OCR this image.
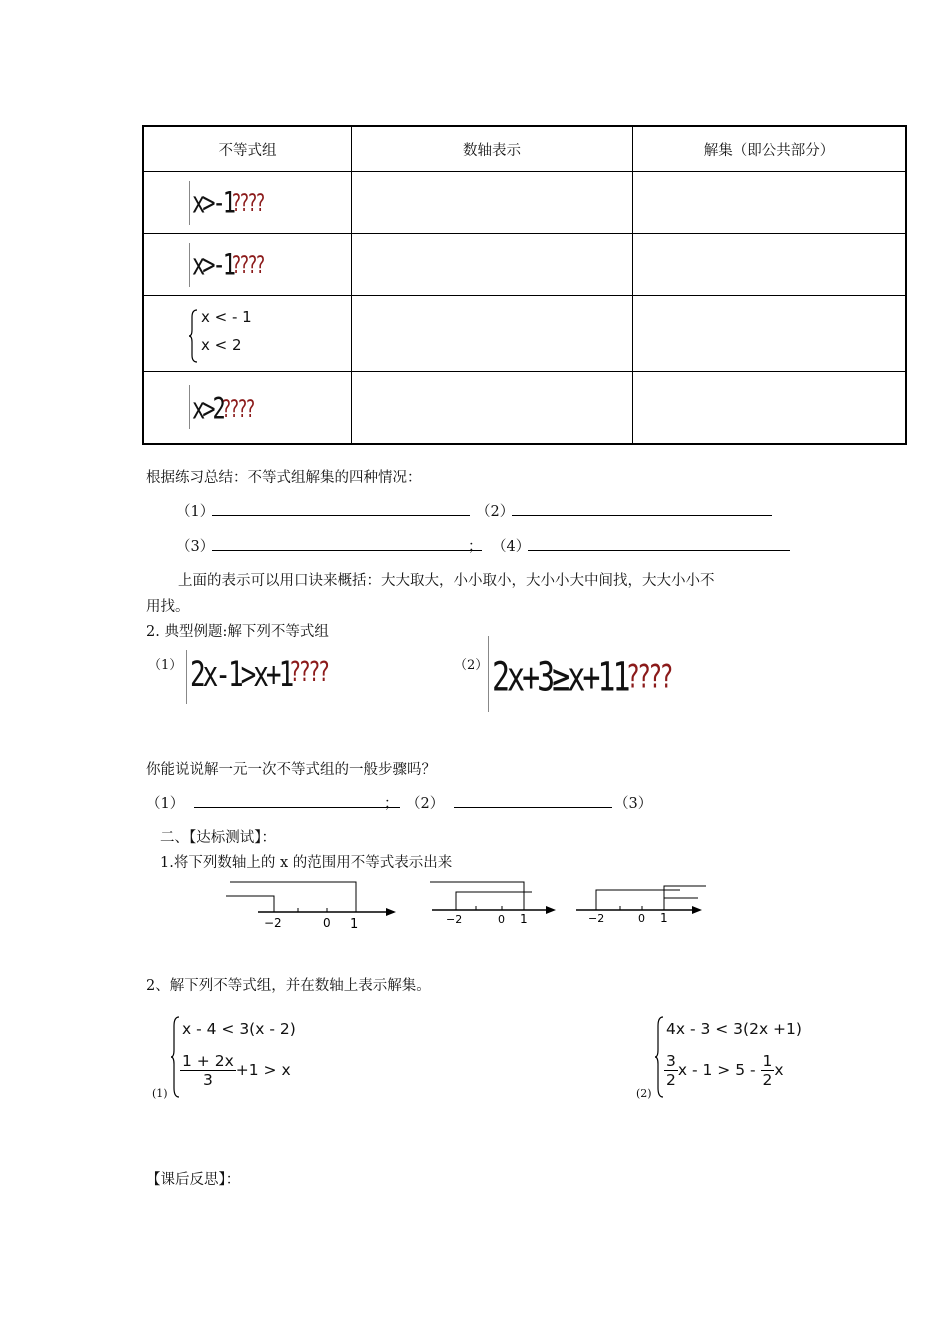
不等式组	数轴表示	解集（即公共部分）

x>-1¿¿¿¿		

x>-1¿¿¿¿		

x < - 1
x < 2		

x>2¿¿¿¿		

根据练习总结：不等式组解集的四种情况：
（1）	（2）
（3）	； （4）
上面的表示可以用口诀来概括：大大取大，小小取小，大小小大中间找，大大小小不
用找。
2. 典型例题:解下列不等式组
（1） 2x-1>x+1¿¿¿¿	（2） 2x+3≥x+11¿¿¿¿
你能说说解一元一次不等式组的一般步骤吗？
（1）	； （2）	（3）
二、【达标测试】：
1.将下列数轴上的 x 的范围用不等式表示出来
−2	0 1	−2	0 1	−2	0 1
2、解下列不等式组，并在数轴上表示解集。
(1)
x - 4 < 3(x - 2)
$\frac{1 + 2x}{3} +1 > x$
(2)
4x - 3 < 3(2x +1)
$\frac{3}{2}$ $x - 1 > 5 - \frac{1}{2}$ x
【课后反思】：
